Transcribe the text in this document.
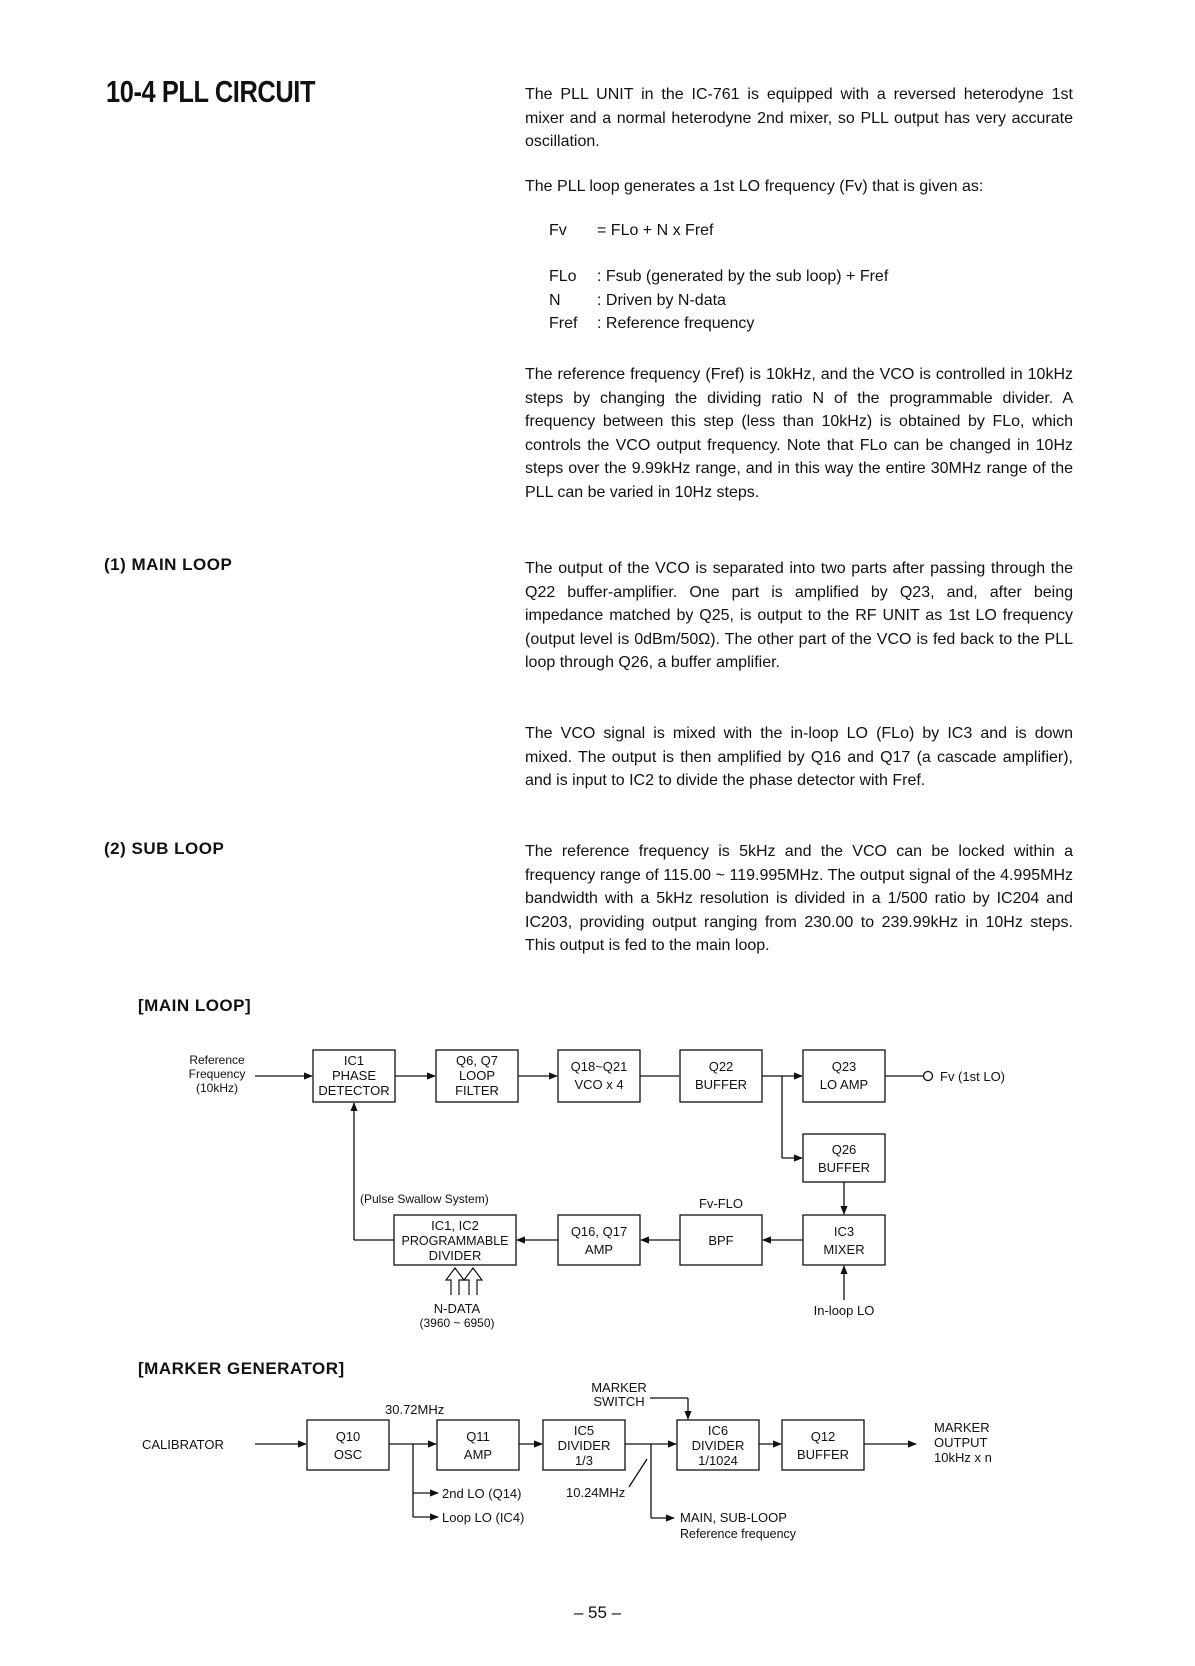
10-4 PLL CIRCUIT	The PLL UNIT in the IC-761 is equipped with a reversed heterodyne 1st mixer and a normal heterodyne 2nd mixer, so PLL output has very accurate oscillation.
The PLL loop generates a 1st LO frequency (Fv) that is given as:
Fv = FLo + N x Fref
FLo : Fsub (generated by the sub loop) + Fref
N : Driven by N-data
Fref : Reference frequency
The reference frequency (Fref) is 10kHz, and the VCO is controlled in 10kHz steps by changing the dividing ratio N of the programmable divider. A frequency between this step (less than 10kHz) is obtained by FLo, which controls the VCO output frequency. Note that FLo can be changed in 10Hz steps over the 9.99kHz range, and in this way the entire 30MHz range of the PLL can be varied in 10Hz steps.
(1) MAIN LOOP	The output of the VCO is separated into two parts after passing through the Q22 buffer-amplifier. One part is amplified by Q23, and, after being impedance matched by Q25, is output to the RF UNIT as 1st LO frequency (output level is 0dBm/50Ω). The other part of the VCO is fed back to the PLL loop through Q26, a buffer amplifier.
The VCO signal is mixed with the in-loop LO (FLo) by IC3 and is down mixed. The output is then amplified by Q16 and Q17 (a cascade amplifier), and is input to IC2 to divide the phase detector with Fref.
(2) SUB LOOP	The reference frequency is 5kHz and the VCO can be locked within a frequency range of 115.00 ~ 119.995MHz. The output signal of the 4.995MHz bandwidth with a 5kHz resolution is divided in a 1/500 ratio by IC204 and IC203, providing output ranging from 230.00 to 239.99kHz in 10Hz steps. This output is fed to the main loop.
[MAIN LOOP]
Reference
Frequency
(10kHz)
IC1
PHASE
DETECTOR
Q6, Q7
LOOP
FILTER
Q18~Q21
VCO x 4
Q22
BUFFER
Q23
LO AMP
Q26
BUFFER
IC3
MIXER
BPF
Q16, Q17
AMP
IC1, IC2
PROGRAMMABLE
DIVIDER
Fv (1st LO)
Fv-FLO
(Pulse Swallow System)
In-loop LO
N-DATA
(3960 ~ 6950)
[MARKER GENERATOR]
CALIBRATOR
30.72MHz
MARKER
SWITCH
Q10
OSC
Q11
AMP
IC5
DIVIDER
1/3
IC6
DIVIDER
1/1024
Q12
BUFFER
MARKER
OUTPUT
10kHz x n
2nd LO (Q14)
Loop LO (IC4)
10.24MHz
MAIN, SUB-LOOP
Reference frequency
– 55 –
